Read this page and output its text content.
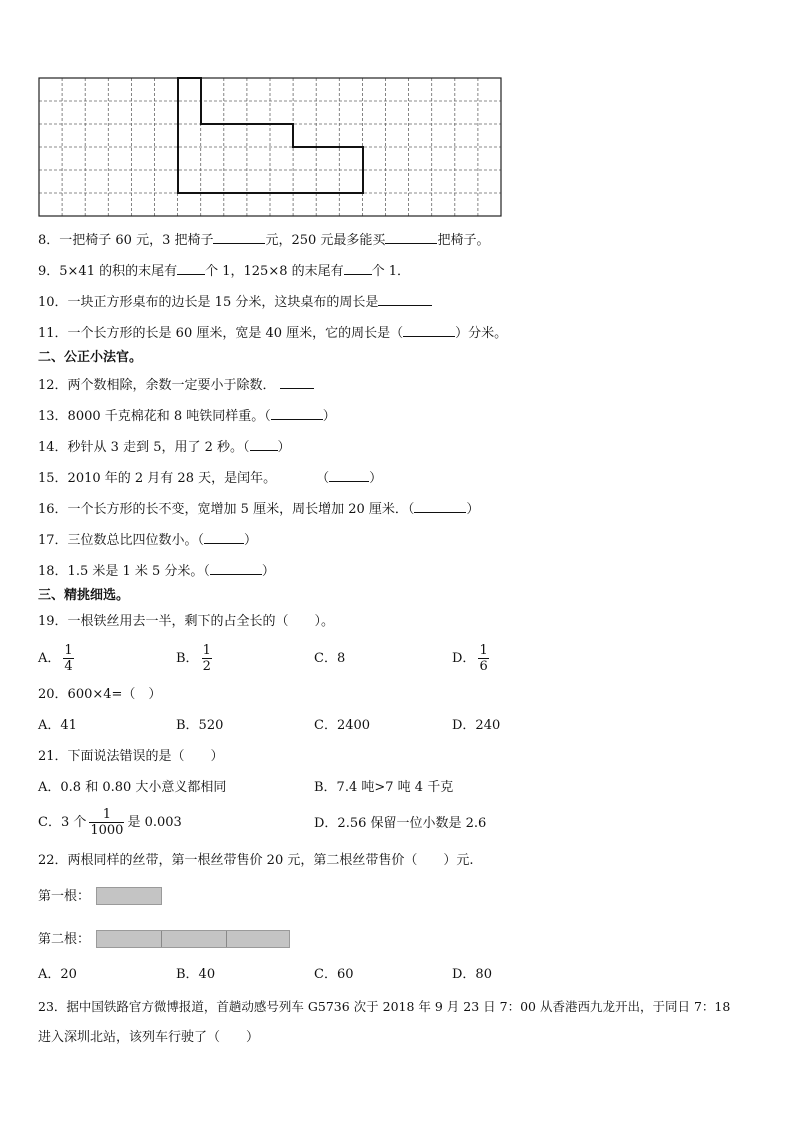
8．一把椅子 60 元，3 把椅子	元，250 元最多能买	把椅子。
9．5×41 的积的末尾有 个 1，125×8 的末尾有 个 1．
10．一块正方形桌布的边长是 15 分米，这块桌布的周长是
11．一个长方形的长是 60 厘米，宽是 40 厘米，它的周长是（	）分米。
二、公正小法官。
12．两个数相除，余数一定要小于除数．
13．8000 千克棉花和 8 吨铁同样重。（	）
14．秒针从 3 走到 5，用了 2 秒。（ ）
15．2010 年的 2 月有 28 天，是闰年。	（	）
16．一个长方形的长不变，宽增加 5 厘米，周长增加 20 厘米．（	）
17．三位数总比四位数小。（	）
18．1.5 米是 1 米 5 分米。（	）
三、精挑细选。
19．一根铁丝用去一半，剩下的占全长的（　　）。
A． $\frac{1}{4}$	B． $\frac{1}{2}$	C．8	D． $\frac{1}{6}$
20．600×4=（　）
A．41	B．520	C．2400	D．240
21．下面说法错误的是（　　）
A．0.8 和 0.80 大小意义都相同	B．7.4 吨>7 吨 4 千克
C．3 个 $\frac{1}{1000}$ 是 0.003	D．2.56 保留一位小数是 2.6
22．两根同样的丝带，第一根丝带售价 20 元，第二根丝带售价（　　）元.
第一根：
第二根：
A．20	B．40	C．60	D．80
23．据中国铁路官方微博报道，首趟动感号列车 G5736 次于 2018 年 9 月 23 日 7：00 从香港西九龙开出，于同日 7：18
进入深圳北站，该列车行驶了（　　）
